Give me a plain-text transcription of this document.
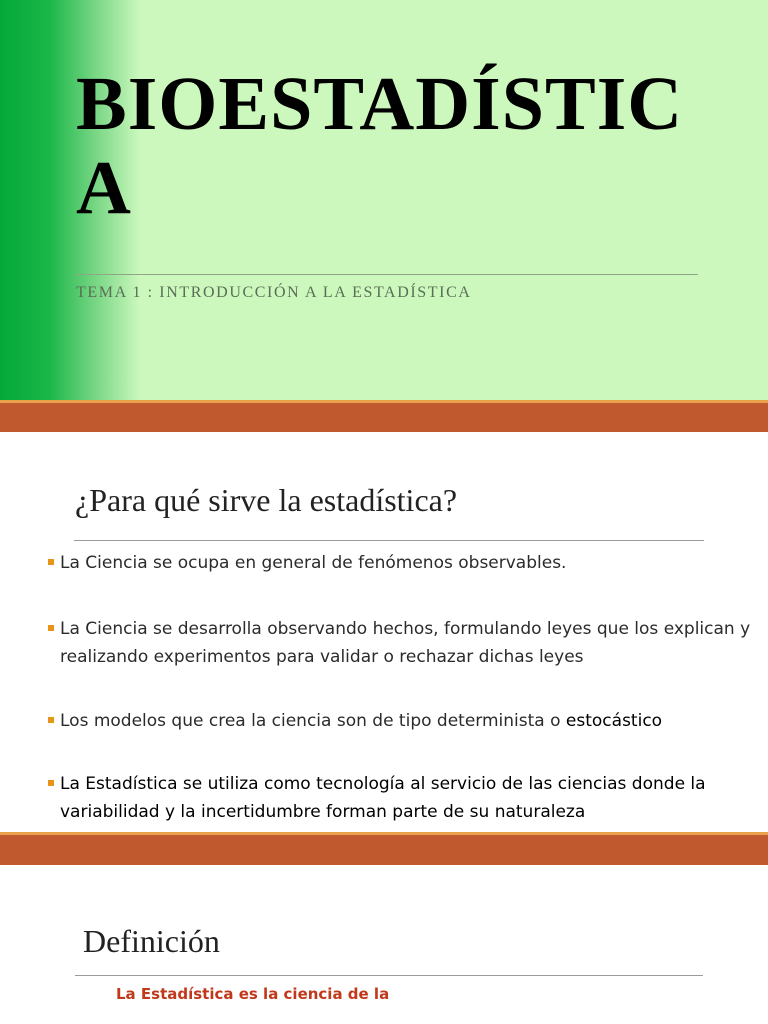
BIOESTADÍSTICA

TEMA 1 : INTRODUCCIÓN A LA ESTADÍSTICA

¿Para qué sirve la estadística?
La Ciencia se ocupa en general de fenómenos observables.
La Ciencia se desarrolla observando hechos, formulando leyes que los explican y realizando experimentos para validar o rechazar dichas leyes
Los modelos que crea la ciencia son de tipo determinista o estocástico
La Estadística se utiliza como tecnología al servicio de las ciencias donde la variabilidad y la incertidumbre forman parte de su naturaleza
Definición

La Estadística es la ciencia de la
